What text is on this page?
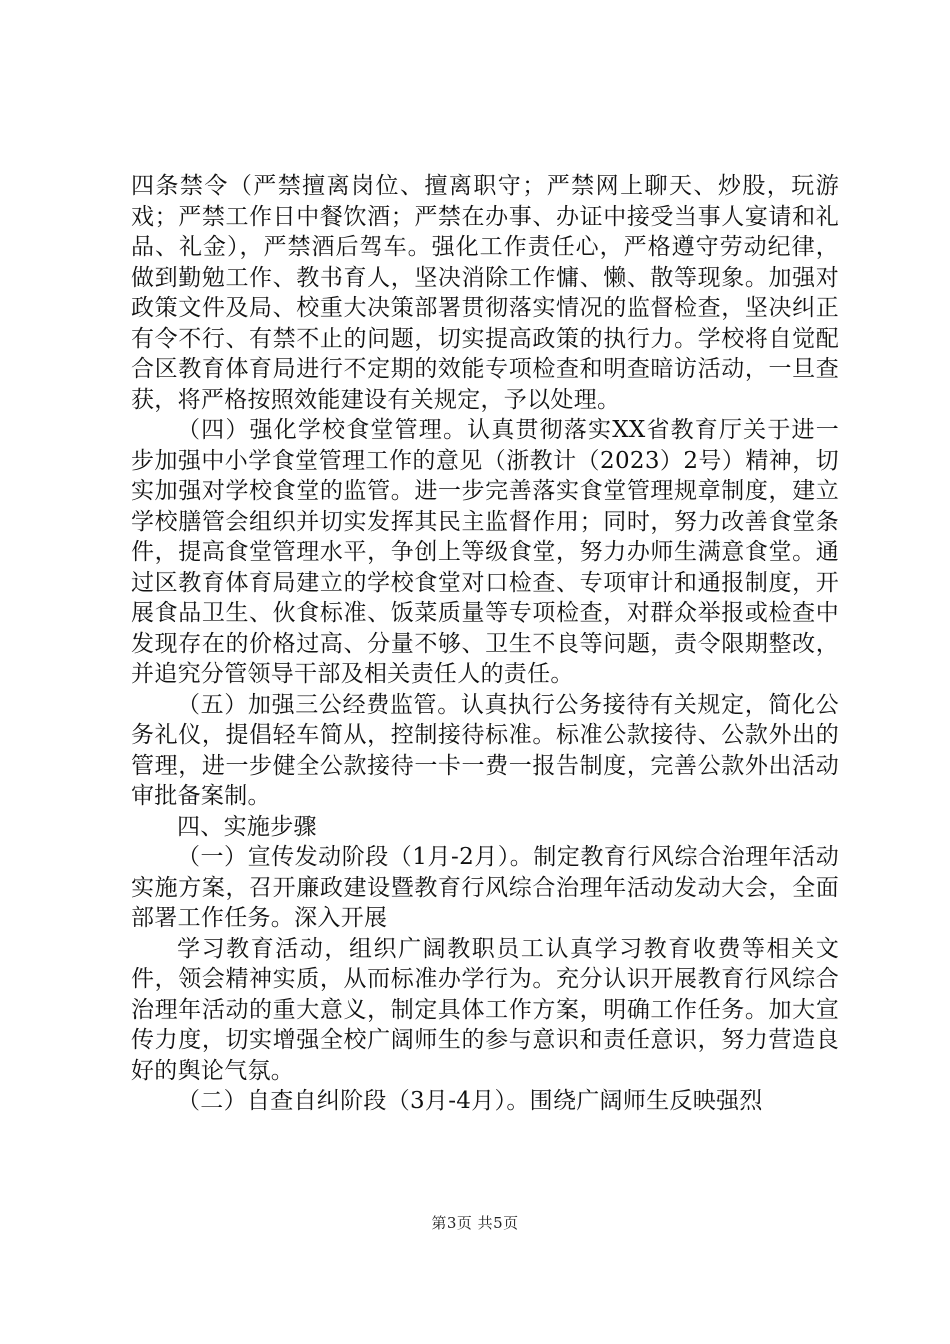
四条禁令（严禁擅离岗位、擅离职守；严禁网上聊天、炒股，玩游戏；严禁工作日中餐饮酒；严禁在办事、办证中接受当事人宴请和礼品、礼金），严禁酒后驾车。强化工作责任心，严格遵守劳动纪律，做到勤勉工作、教书育人，坚决消除工作慵、懒、散等现象。加强对政策文件及局、校重大决策部署贯彻落实情况的监督检查，坚决纠正有令不行、有禁不止的问题，切实提高政策的执行力。学校将自觉配合区教育体育局进行不定期的效能专项检查和明查暗访活动，一旦查获，将严格按照效能建设有关规定，予以处理。

（四）强化学校食堂管理。认真贯彻落实XX省教育厅关于进一步加强中小学食堂管理工作的意见（浙教计（2023）2号）精神，切实加强对学校食堂的监管。进一步完善落实食堂管理规章制度，建立学校膳管会组织并切实发挥其民主监督作用；同时，努力改善食堂条件，提高食堂管理水平，争创上等级食堂，努力办师生满意食堂。通过区教育体育局建立的学校食堂对口检查、专项审计和通报制度，开展食品卫生、伙食标准、饭菜质量等专项检查，对群众举报或检查中发现存在的价格过高、分量不够、卫生不良等问题，责令限期整改，并追究分管领导干部及相关责任人的责任。

（五）加强三公经费监管。认真执行公务接待有关规定，简化公务礼仪，提倡轻车简从，控制接待标准。标准公款接待、公款外出的管理，进一步健全公款接待一卡一费一报告制度，完善公款外出活动审批备案制。

四、实施步骤

（一）宣传发动阶段（1月-2月）。制定教育行风综合治理年活动实施方案，召开廉政建设暨教育行风综合治理年活动发动大会，全面部署工作任务。深入开展

学习教育活动，组织广阔教职员工认真学习教育收费等相关文件，领会精神实质，从而标准办学行为。充分认识开展教育行风综合治理年活动的重大意义，制定具体工作方案，明确工作任务。加大宣传力度，切实增强全校广阔师生的参与意识和责任意识，努力营造良好的舆论气氛。

（二）自查自纠阶段（3月-4月）。围绕广阔师生反映强烈

第3页 共5页
